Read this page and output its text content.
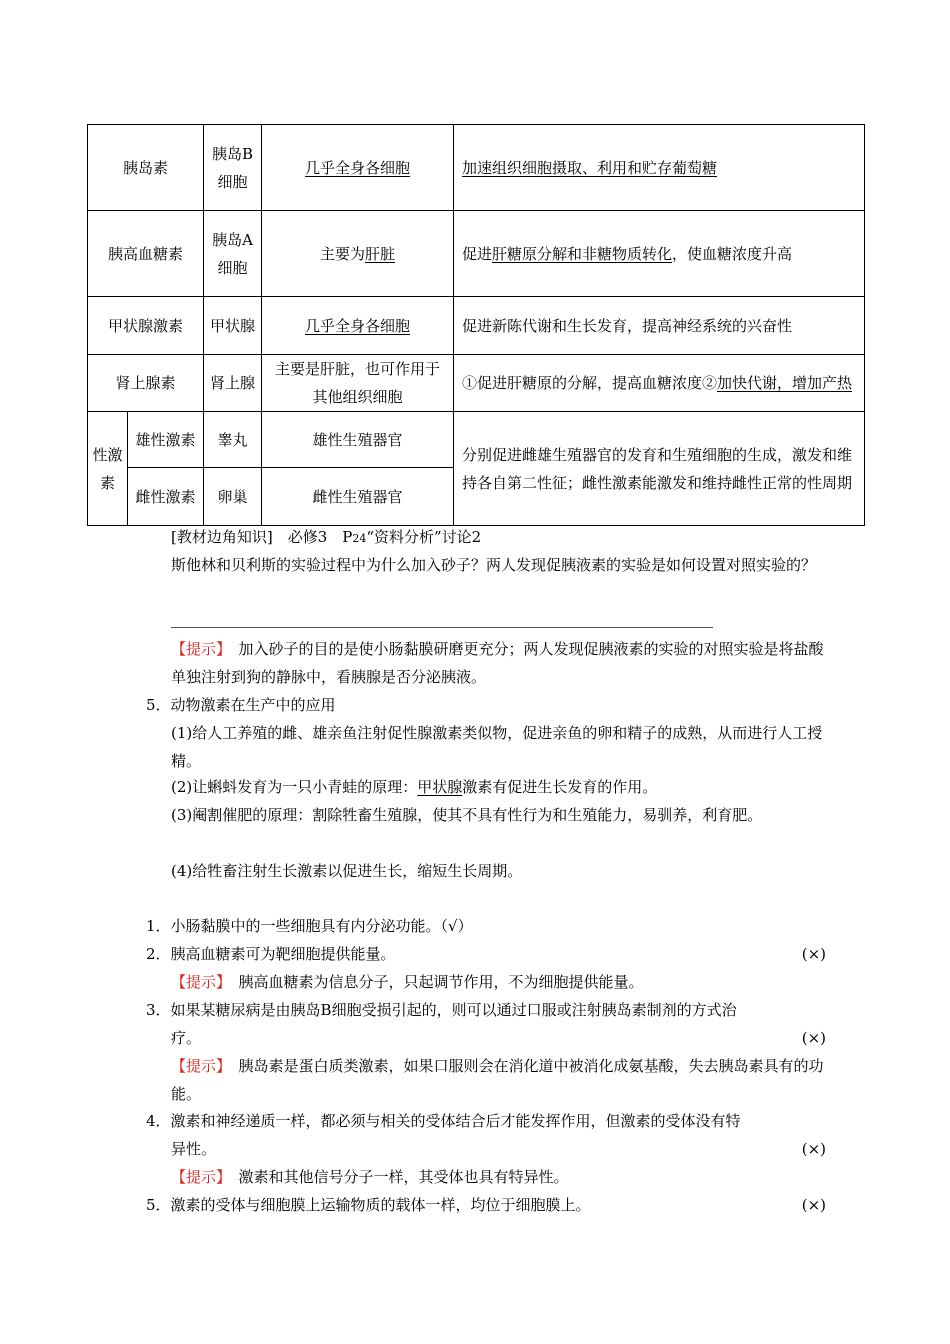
胰岛素		胰岛B细胞	几乎全身各细胞	加速组织细胞摄取、利用和贮存葡萄糖
胰高血糖素		胰岛A细胞	主要为肝脏	促进肝糖原分解和非糖物质转化，使血糖浓度升高
甲状腺激素		甲状腺	几乎全身各细胞	促进新陈代谢和生长发育，提高神经系统的兴奋性
肾上腺素		肾上腺	主要是肝脏，也可作用于其他组织细胞	①促进肝糖原的分解，提高血糖浓度②加快代谢，增加产热
性激素	雄性激素	睾丸	雄性生殖器官	分别促进雌雄生殖器官的发育和生殖细胞的生成，激发和维持各自第二性征；雌性激素能激发和维持雌性正常的性周期
	雌性激素	卵巢	雌性生殖器官	
[教材边角知识]　必修3　P24“资料分析”讨论2
斯他林和贝利斯的实验过程中为什么加入砂子？两人发现促胰液素的实验是如何设置对照实验的？
【提示】　加入砂子的目的是使小肠黏膜研磨更充分；两人发现促胰液素的实验的对照实验是将盐酸单独注射到狗的静脉中，看胰腺是否分泌胰液。
5．动物激素在生产中的应用
(1)给人工养殖的雌、雄亲鱼注射促性腺激素类似物，促进亲鱼的卵和精子的成熟，从而进行人工授精。
(2)让蝌蚪发育为一只小青蛙的原理：甲状腺激素有促进生长发育的作用。
(3)阉割催肥的原理：割除牲畜生殖腺，使其不具有性行为和生殖能力，易驯养，利育肥。
(4)给牲畜注射生长激素以促进生长，缩短生长周期。
1．小肠黏膜中的一些细胞具有内分泌功能。（√）
2．胰高血糖素可为靶细胞提供能量。	(×)
【提示】　胰高血糖素为信息分子，只起调节作用，不为细胞提供能量。
3．如果某糖尿病是由胰岛B细胞受损引起的，则可以通过口服或注射胰岛素制剂的方式治
疗。	(×)
【提示】　胰岛素是蛋白质类激素，如果口服则会在消化道中被消化成氨基酸，失去胰岛素具有的功能。
4．激素和神经递质一样，都必须与相关的受体结合后才能发挥作用，但激素的受体没有特
异性。	(×)
【提示】　激素和其他信号分子一样，其受体也具有特异性。
5．激素的受体与细胞膜上运输物质的载体一样，均位于细胞膜上。	(×)
